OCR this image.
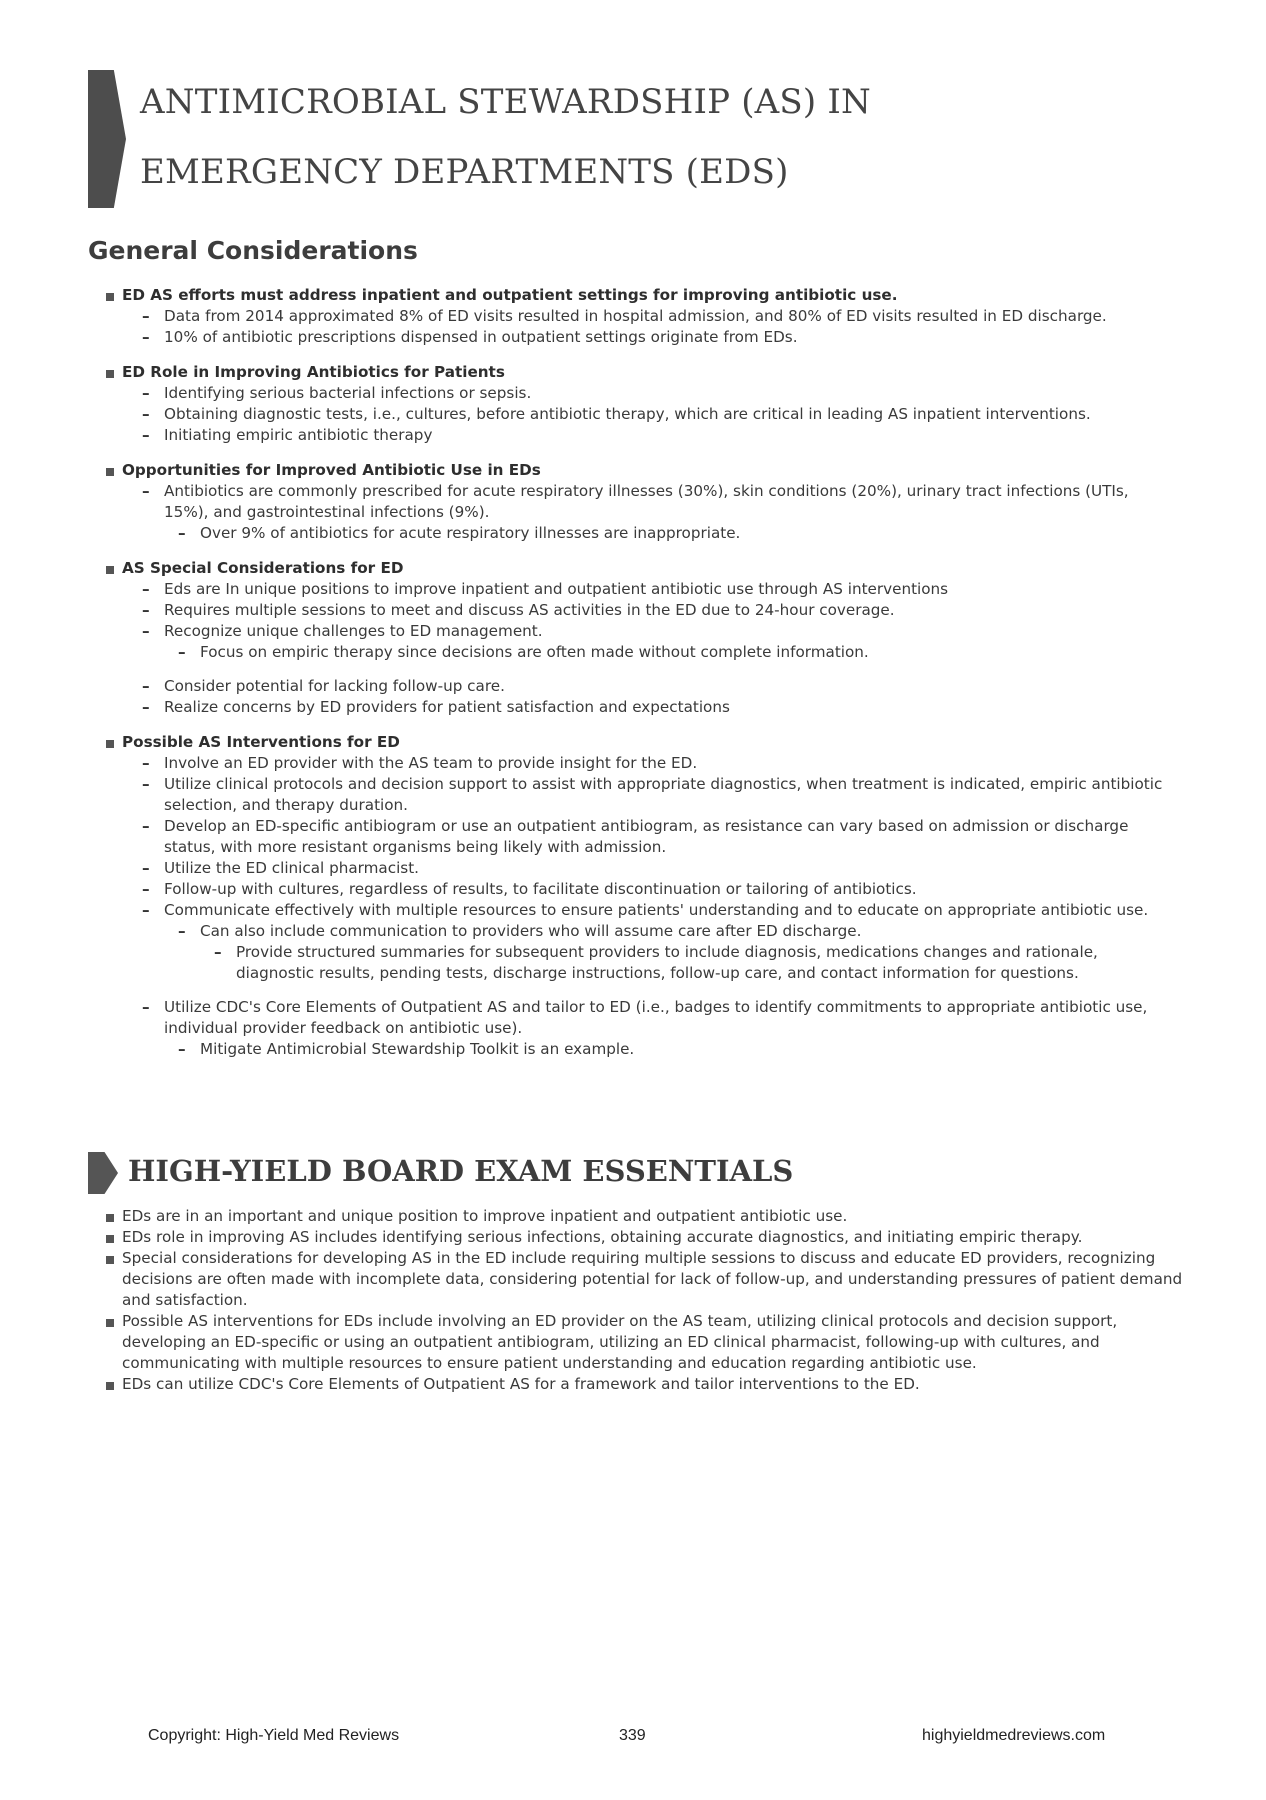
ANTIMICROBIAL STEWARDSHIP (AS) IN
EMERGENCY DEPARTMENTS (EDS)
General Considerations
ED AS efforts must address inpatient and outpatient settings for improving antibiotic use.
– Data from 2014 approximated 8% of ED visits resulted in hospital admission, and 80% of ED visits resulted in ED discharge.
– 10% of antibiotic prescriptions dispensed in outpatient settings originate from EDs.
ED Role in Improving Antibiotics for Patients
– Identifying serious bacterial infections or sepsis.
– Obtaining diagnostic tests, i.e., cultures, before antibiotic therapy, which are critical in leading AS inpatient interventions.
– Initiating empiric antibiotic therapy
Opportunities for Improved Antibiotic Use in EDs
– Antibiotics are commonly prescribed for acute respiratory illnesses (30%), skin conditions (20%), urinary tract infections (UTIs, 15%), and gastrointestinal infections (9%).
– Over 9% of antibiotics for acute respiratory illnesses are inappropriate.
AS Special Considerations for ED
– Eds are In unique positions to improve inpatient and outpatient antibiotic use through AS interventions
– Requires multiple sessions to meet and discuss AS activities in the ED due to 24-hour coverage.
– Recognize unique challenges to ED management.
– Focus on empiric therapy since decisions are often made without complete information.
– Consider potential for lacking follow-up care.
– Realize concerns by ED providers for patient satisfaction and expectations
Possible AS Interventions for ED
– Involve an ED provider with the AS team to provide insight for the ED.
– Utilize clinical protocols and decision support to assist with appropriate diagnostics, when treatment is indicated, empiric antibiotic selection, and therapy duration.
– Develop an ED-specific antibiogram or use an outpatient antibiogram, as resistance can vary based on admission or discharge status, with more resistant organisms being likely with admission.
– Utilize the ED clinical pharmacist.
– Follow-up with cultures, regardless of results, to facilitate discontinuation or tailoring of antibiotics.
– Communicate effectively with multiple resources to ensure patients' understanding and to educate on appropriate antibiotic use.
– Can also include communication to providers who will assume care after ED discharge.
– Provide structured summaries for subsequent providers to include diagnosis, medications changes and rationale, diagnostic results, pending tests, discharge instructions, follow-up care, and contact information for questions.
– Utilize CDC's Core Elements of Outpatient AS and tailor to ED (i.e., badges to identify commitments to appropriate antibiotic use, individual provider feedback on antibiotic use).
– Mitigate Antimicrobial Stewardship Toolkit is an example.
HIGH-YIELD BOARD EXAM ESSENTIALS
EDs are in an important and unique position to improve inpatient and outpatient antibiotic use.
EDs role in improving AS includes identifying serious infections, obtaining accurate diagnostics, and initiating empiric therapy.
Special considerations for developing AS in the ED include requiring multiple sessions to discuss and educate ED providers, recognizing decisions are often made with incomplete data, considering potential for lack of follow-up, and understanding pressures of patient demand and satisfaction.
Possible AS interventions for EDs include involving an ED provider on the AS team, utilizing clinical protocols and decision support, developing an ED-specific or using an outpatient antibiogram, utilizing an ED clinical pharmacist, following-up with cultures, and communicating with multiple resources to ensure patient understanding and education regarding antibiotic use.
EDs can utilize CDC's Core Elements of Outpatient AS for a framework and tailor interventions to the ED.
Copyright: High-Yield Med Reviews	339	highyieldmedreviews.com
